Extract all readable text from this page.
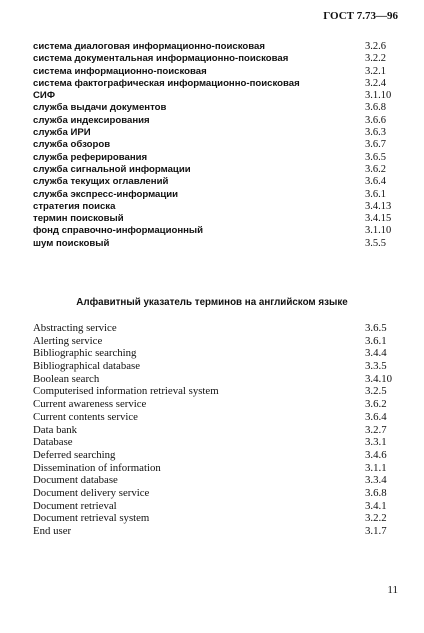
ГОСТ 7.73—96
система диалоговая информационно-поисковая	3.2.6
система документальная информационно-поисковая	3.2.2
система информационно-поисковая	3.2.1
система фактографическая информационно-поисковая	3.2.4
СИФ	3.1.10
служба выдачи документов	3.6.8
служба индексирования	3.6.6
служба ИРИ	3.6.3
служба обзоров	3.6.7
служба реферирования	3.6.5
служба сигнальной информации	3.6.2
служба текущих оглавлений	3.6.4
служба экспресс-информации	3.6.1
стратегия поиска	3.4.13
термин поисковый	3.4.15
фонд справочно-информационный	3.1.10
шум поисковый	3.5.5
Алфавитный указатель терминов на английском языке
Abstracting service	3.6.5
Alerting service	3.6.1
Bibliographic searching	3.4.4
Bibliographical database	3.3.5
Boolean search	3.4.10
Computerised information retrieval system	3.2.5
Current awareness service	3.6.2
Current contents service	3.6.4
Data bank	3.2.7
Database	3.3.1
Deferred searching	3.4.6
Dissemination of information	3.1.1
Document database	3.3.4
Document delivery service	3.6.8
Document retrieval	3.4.1
Document retrieval system	3.2.2
End user	3.1.7
11
